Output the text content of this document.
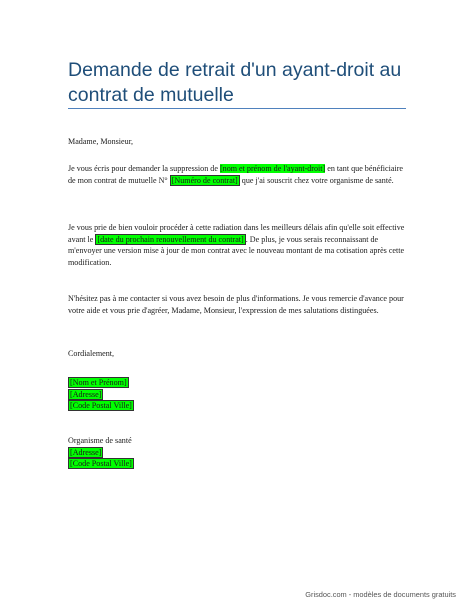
Demande de retrait d'un ayant-droit au contrat de mutuelle

Madame, Monsieur,

Je vous écris pour demander la suppression de [nom et prénom de l'ayant-droit] en tant que bénéficiaire de mon contrat de mutuelle N° [Numéro de contrat] que j'ai souscrit chez votre organisme de santé.

Je vous prie de bien vouloir procéder à cette radiation dans les meilleurs délais afin qu'elle soit effective avant le [date du prochain renouvellement du contrat] . De plus, je vous serais reconnaissant de m'envoyer une version mise à jour de mon contrat avec le nouveau montant de ma cotisation après cette modification.

N'hésitez pas à me contacter si vous avez besoin de plus d'informations. Je vous remercie d'avance pour votre aide et vous prie d'agréer, Madame, Monsieur, l'expression de mes salutations distinguées.

Cordialement,

[Nom et Prénom]
[Adresse]
[Code Postal Ville]
Organisme de santé
[Adresse]
[Code Postal Ville]
Grisdoc.com - modèles de documents gratuits
